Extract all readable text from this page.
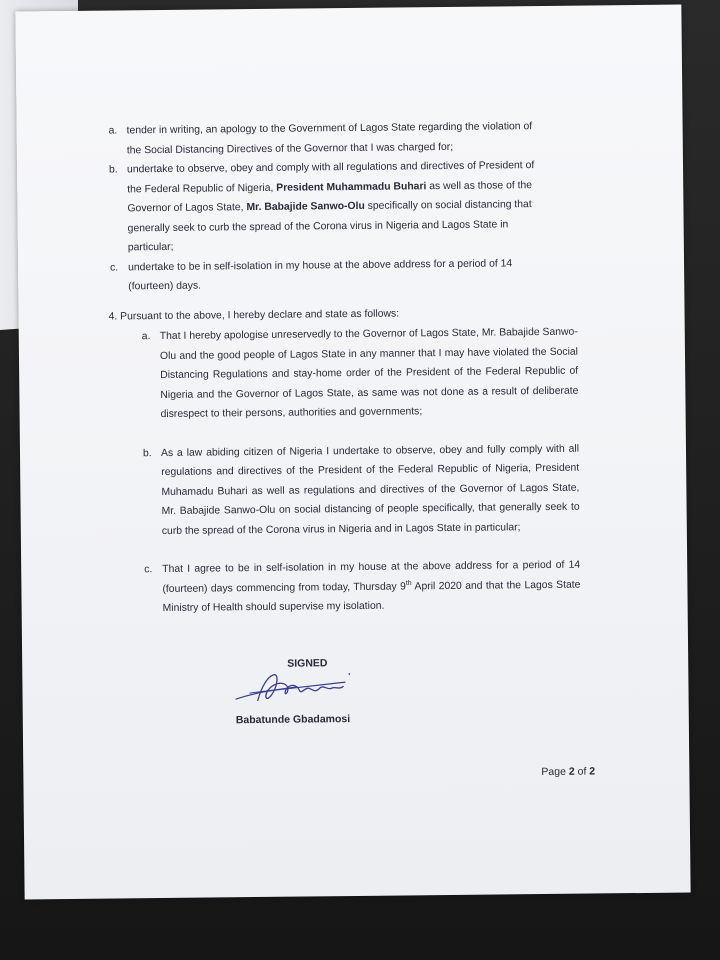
a. tender in writing, an apology to the Government of Lagos State regarding the violation of the Social Distancing Directives of the Governor that I was charged for;
b. undertake to observe, obey and comply with all regulations and directives of President of the Federal Republic of Nigeria, President Muhammadu Buhari as well as those of the Governor of Lagos State, Mr. Babajide Sanwo-Olu specifically on social distancing that generally seek to curb the spread of the Corona virus in Nigeria and Lagos State in particular;
c. undertake to be in self-isolation in my house at the above address for a period of 14 (fourteen) days.
4. Pursuant to the above, I hereby declare and state as follows:
a. That I hereby apologise unreservedly to the Governor of Lagos State, Mr. Babajide Sanwo-Olu and the good people of Lagos State in any manner that I may have violated the Social Distancing Regulations and stay-home order of the President of the Federal Republic of Nigeria and the Governor of Lagos State, as same was not done as a result of deliberate disrespect to their persons, authorities and governments;
b. As a law abiding citizen of Nigeria I undertake to observe, obey and fully comply with all regulations and directives of the President of the Federal Republic of Nigeria, President Muhamadu Buhari as well as regulations and directives of the Governor of Lagos State, Mr. Babajide Sanwo-Olu on social distancing of people specifically, that generally seek to curb the spread of the Corona virus in Nigeria and in Lagos State in particular;
c. That I agree to be in self-isolation in my house at the above address for a period of 14 (fourteen) days commencing from today, Thursday 9th April 2020 and that the Lagos State Ministry of Health should supervise my isolation.
SIGNED
Babatunde Gbadamosi
Page 2 of 2
